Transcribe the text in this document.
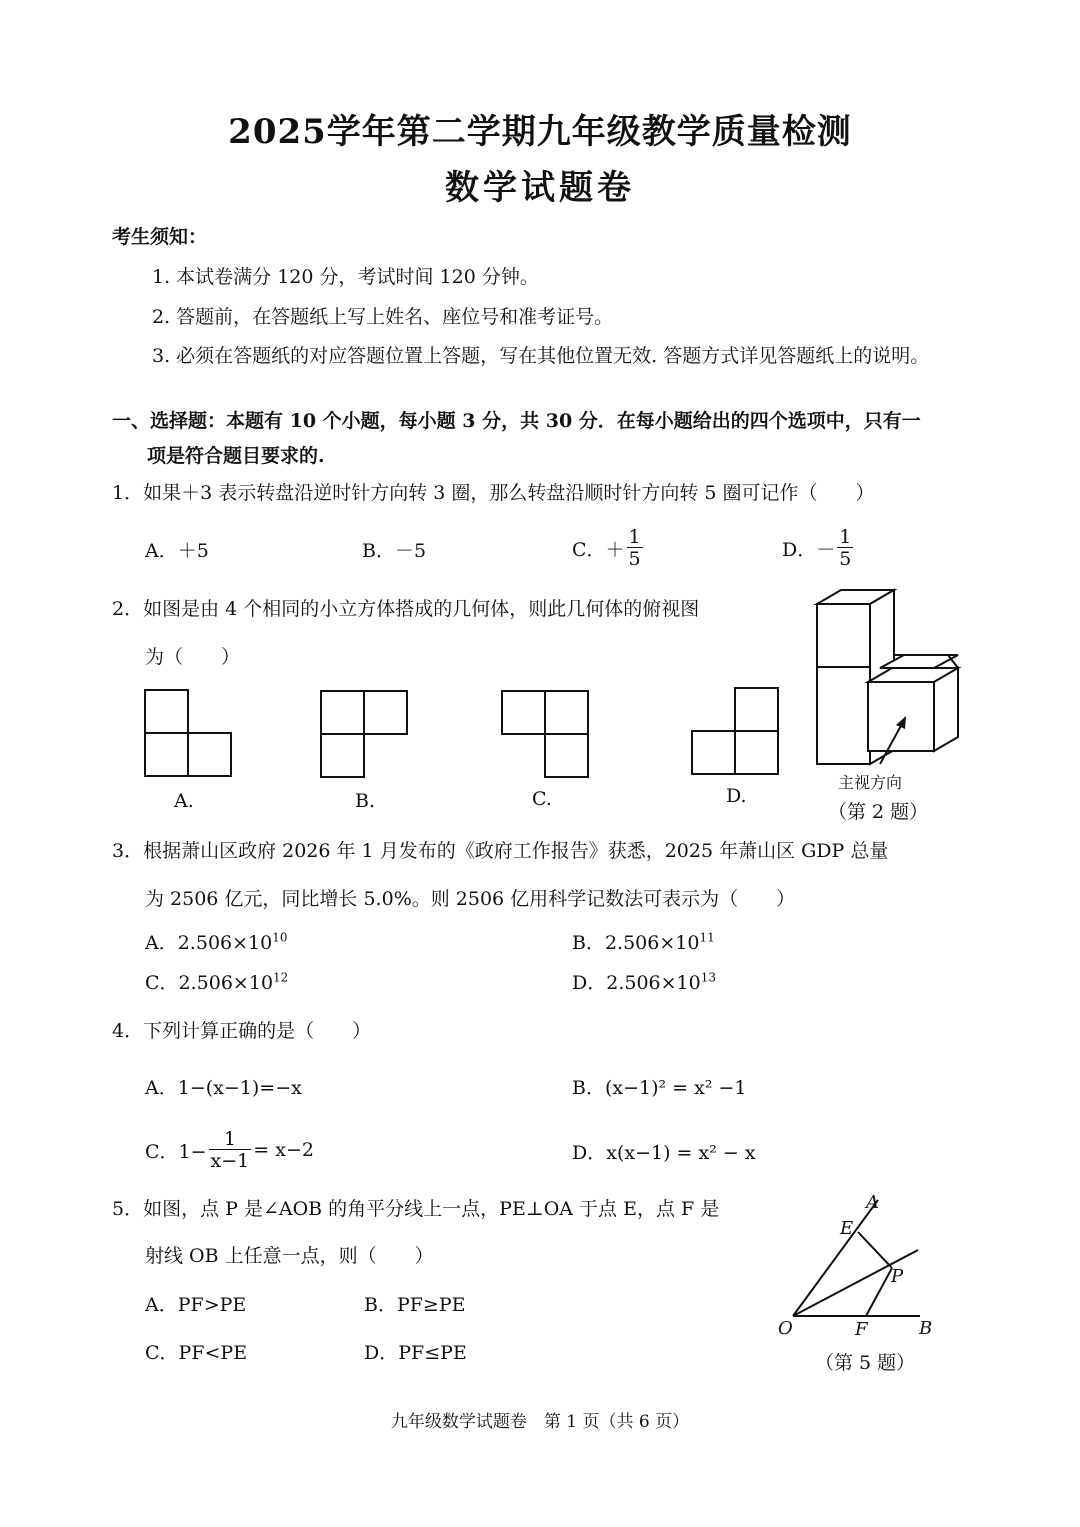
2025学年第二学期九年级教学质量检测
数学试题卷
考生须知：
1. 本试卷满分 120 分，考试时间 120 分钟。
2. 答题前，在答题纸上写上姓名、座位号和准考证号。
3. 必须在答题纸的对应答题位置上答题，写在其他位置无效. 答题方式详见答题纸上的说明。
一、选择题：本题有 10 个小题，每小题 3 分，共 30 分．在每小题给出的四个选项中，只有一
项是符合题目要求的.
1．如果＋3 表示转盘沿逆时针方向转 3 圈，那么转盘沿顺时针方向转 5 圈可记作（　　）
A．＋5	B．－5	C．＋ $\frac{1}{5}$	D．－ $\frac{1}{5}$
2．如图是由 4 个相同的小立方体搭成的几何体，则此几何体的俯视图
为（　　）
A.	B.	C.	D.
主视方向
（第 2 题）
3．根据萧山区政府 2026 年 1 月发布的《政府工作报告》获悉，2025 年萧山区 GDP 总量
为 2506 亿元，同比增长 5.0%。则 2506 亿用科学记数法可表示为（　　）
A．$2.506\times 10^{10}$	B．$2.506\times 10^{11}$
C．$2.506\times 10^{12}$	D．$2.506\times 10^{13}$
4．下列计算正确的是（　　）
A．1−(x−1)=−x	B．(x−1)² = x² −1
C．$1- \frac{1}{x-1} = x-2$	D．x(x−1) = x² − x
5．如图，点 P 是∠AOB 的角平分线上一点，PE⊥OA 于点 E，点 F 是
射线 OB 上任意一点，则（　　）
A．PF>PE	B．PF≥PE
C．PF<PE	D．PF≤PE
A
E
P
O	F	B
（第 5 题）
九年级数学试题卷　第 1 页（共 6 页）
